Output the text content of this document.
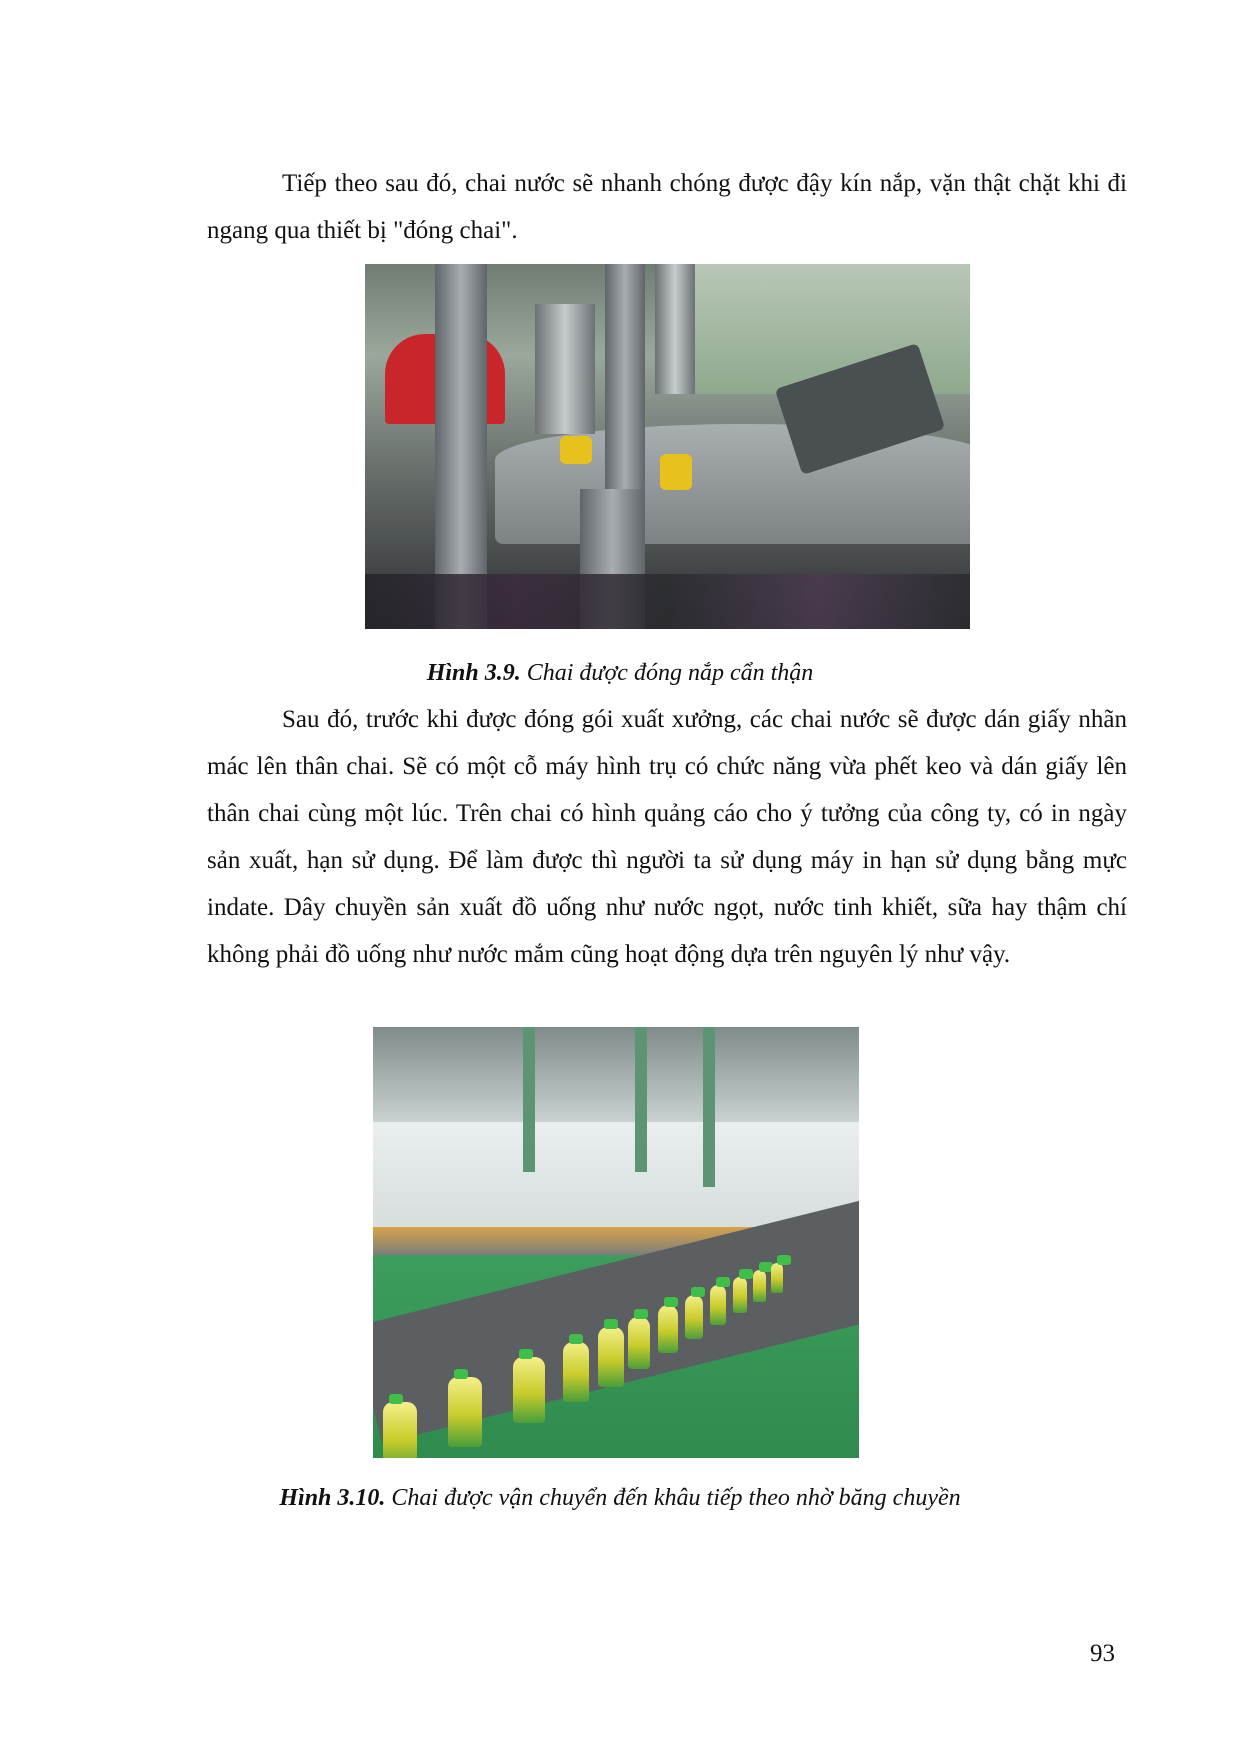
Tiếp theo sau đó, chai nước sẽ nhanh chóng được đậy kín nắp, vặn thật chặt khi đi ngang qua thiết bị "đóng chai".

Hình 3.9. Chai được đóng nắp cẩn thận

Sau đó, trước khi được đóng gói xuất xưởng, các chai nước sẽ được dán giấy nhãn mác lên thân chai. Sẽ có một cỗ máy hình trụ có chức năng vừa phết keo và dán giấy lên thân chai cùng một lúc. Trên chai có hình quảng cáo cho ý tưởng của công ty, có in ngày sản xuất, hạn sử dụng. Để làm được thì người ta sử dụng máy in hạn sử dụng bằng mực indate. Dây chuyền sản xuất đồ uống như nước ngọt, nước tinh khiết, sữa hay thậm chí không phải đồ uống như nước mắm cũng hoạt động dựa trên nguyên lý như vậy.

Hình 3.10. Chai được vận chuyển đến khâu tiếp theo nhờ băng chuyền

93
